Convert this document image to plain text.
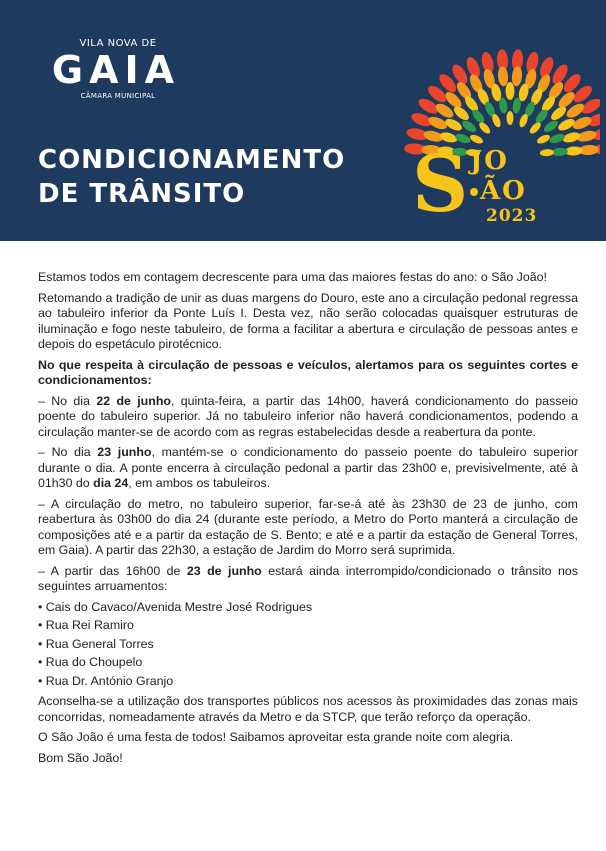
VILA NOVA DE
GAIA
CÂMARA MUNICIPAL
CONDICIONAMENTO
DE TRÂNSITO	S JO
ÃO
2023

Estamos todos em contagem decrescente para uma das maiores festas do ano: o São João!

Retomando a tradição de unir as duas margens do Douro, este ano a circulação pedonal regressa ao tabuleiro inferior da Ponte Luís I. Desta vez, não serão colocadas quaisquer estruturas de iluminação e fogo neste tabuleiro, de forma a facilitar a abertura e circulação de pessoas antes e depois do espetáculo pirotécnico.

No que respeita à circulação de pessoas e veículos, alertamos para os seguintes cortes e condicionamentos:

– No dia 22 de junho, quinta-feira, a partir das 14h00, haverá condicionamento do passeio poente do tabuleiro superior. Já no tabuleiro inferior não haverá condicionamentos, podendo a circulação manter-se de acordo com as regras estabelecidas desde a reabertura da ponte.

– No dia 23 junho, mantém-se o condicionamento do passeio poente do tabuleiro superior durante o dia. A ponte encerra à circulação pedonal a partir das 23h00 e, previsivelmente, até à 01h30 do dia 24, em ambos os tabuleiros.

– A circulação do metro, no tabuleiro superior, far-se-á até às 23h30 de 23 de junho, com reabertura às 03h00 do dia 24 (durante este período, a Metro do Porto manterá a circulação de composições até e a partir da estação de S. Bento; e até e a partir da estação de General Torres, em Gaia). A partir das 22h30, a estação de Jardim do Morro será suprimida.

– A partir das 16h00 de 23 de junho estará ainda interrompido/condicionado o trânsito nos seguintes arruamentos:

• Cais do Cavaco/Avenida Mestre José Rodrigues
• Rua Rei Ramiro
• Rua General Torres
• Rua do Choupelo
• Rua Dr. António Granjo

Aconselha-se a utilização dos transportes públicos nos acessos às proximidades das zonas mais concorridas, nomeadamente através da Metro e da STCP, que terão reforço da operação.

O São João é uma festa de todos! Saibamos aproveitar esta grande noite com alegria.

Bom São João!
